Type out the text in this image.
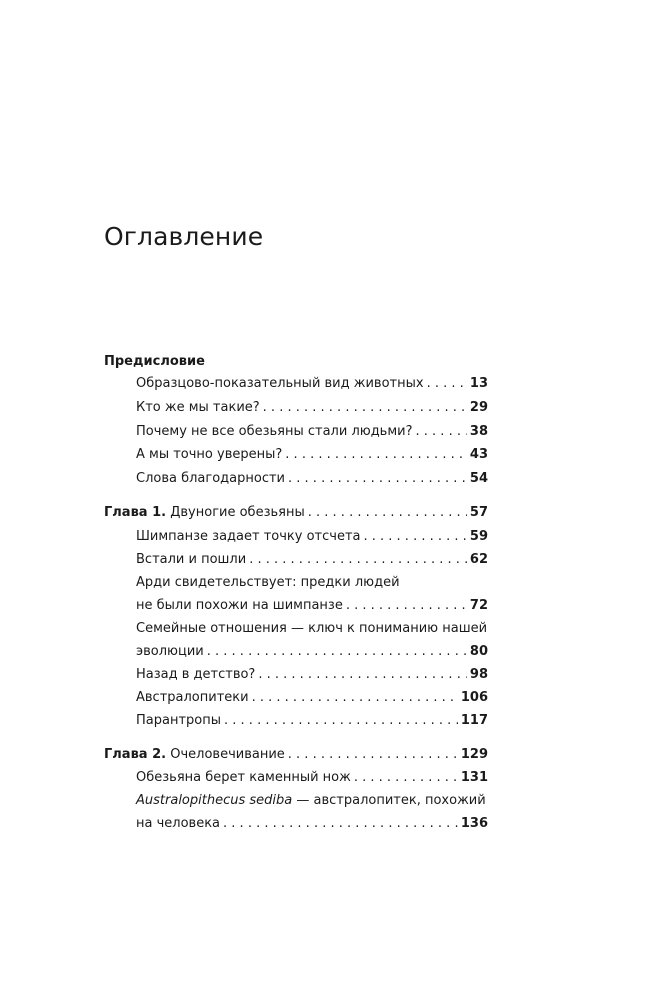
Оглавление
Предисловие
Образцово-показательный вид животных . . .	13
Кто же мы такие? . . .	29
Почему не все обезьяны стали людьми? . . .	38
А мы точно уверены? . . .	43
Слова благодарности . . .	54
Глава 1. Двуногие обезьяны . . .	57
Шимпанзе задает точку отсчета . . .	59
Встали и пошли . . .	62
Арди свидетельствует: предки людей
не были похожи на шимпанзе . . .	72
Семейные отношения — ключ к пониманию нашей
эволюции . . .	80
Назад в детство? . . .	98
Австралопитеки . . .	106
Парантропы . . .	117
Глава 2. Очеловечивание . . .	129
Обезьяна берет каменный нож . . .	131
Australopithecus sediba — австралопитек, похожий
на человека . . .	136
